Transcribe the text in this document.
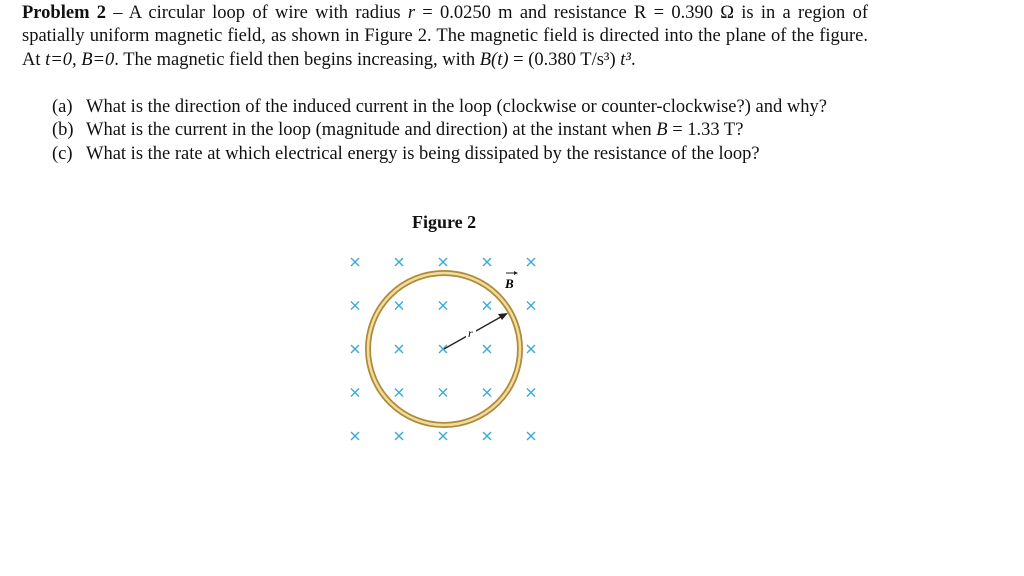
Problem 2 – A circular loop of wire with radius r = 0.0250 m and resistance R = 0.390 Ω is in a region of spatially uniform magnetic field, as shown in Figure 2. The magnetic field is directed into the plane of the figure. At t=0, B=0. The magnetic field then begins increasing, with B(t) = (0.380 T/s³) t³.
(a) What is the direction of the induced current in the loop (clockwise or counter-clockwise?) and why?
(b) What is the current in the loop (magnitude and direction) at the instant when B = 1.33 T?
(c) What is the rate at which electrical energy is being dissipated by the resistance of the loop?
Figure 2
r
B
